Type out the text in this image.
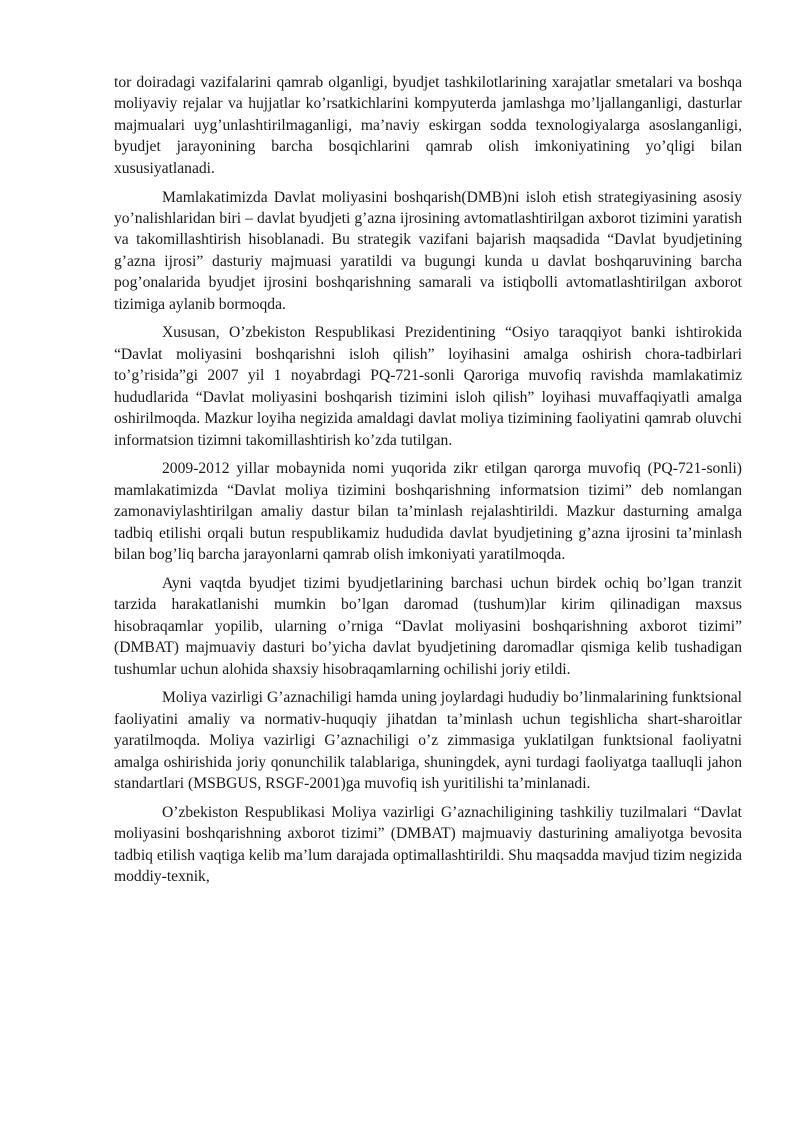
tor doiradagi vazifalarini qamrab olganligi, byudjet tashkilotlarining xarajatlar smetalari va boshqa moliyaviy rejalar va hujjatlar ko’rsatkichlarini kompyuterda jamlashga mo’ljallanganligi, dasturlar majmualari uyg’unlashtirilmaganligi, ma’naviy eskirgan sodda texnologiyalarga asoslanganligi, byudjet jarayonining barcha bosqichlarini qamrab olish imkoniyatining yo’qligi bilan xususiyatlanadi.

Mamlakatimizda Davlat moliyasini boshqarish(DMB)ni isloh etish strategiyasining asosiy yo’nalishlaridan biri – davlat byudjeti g’azna ijrosining avtomatlashtirilgan axborot tizimini yaratish va takomillashtirish hisoblanadi. Bu strategik vazifani bajarish maqsadida “Davlat byudjetining g’azna ijrosi” dasturiy majmuasi yaratildi va bugungi kunda u davlat boshqaruvining barcha pog’onalarida byudjet ijrosini boshqarishning samarali va istiqbolli avtomatlashtirilgan axborot tizimiga aylanib bormoqda.

Xususan, O’zbekiston Respublikasi Prezidentining “Osiyo taraqqiyot banki ishtirokida “Davlat moliyasini boshqarishni isloh qilish” loyihasini amalga oshirish chora-tadbirlari to’g’risida”gi 2007 yil 1 noyabrdagi PQ-721-sonli Qaroriga muvofiq ravishda mamlakatimiz hududlarida “Davlat moliyasini boshqarish tizimini isloh qilish” loyihasi muvaffaqiyatli amalga oshirilmoqda. Mazkur loyiha negizida amaldagi davlat moliya tizimining faoliyatini qamrab oluvchi informatsion tizimni takomillashtirish ko’zda tutilgan.

2009-2012 yillar mobaynida nomi yuqorida zikr etilgan qarorga muvofiq (PQ-721-sonli) mamlakatimizda “Davlat moliya tizimini boshqarishning informatsion tizimi” deb nomlangan zamonaviylashtirilgan amaliy dastur bilan ta’minlash rejalashtirildi. Mazkur dasturning amalga tadbiq etilishi orqali butun respublikamiz hududida davlat byudjetining g’azna ijrosini ta’minlash bilan bog’liq barcha jarayonlarni qamrab olish imkoniyati yaratilmoqda.

Ayni vaqtda byudjet tizimi byudjetlarining barchasi uchun birdek ochiq bo’lgan tranzit tarzida harakatlanishi mumkin bo’lgan daromad (tushum)lar kirim qilinadigan maxsus hisobraqamlar yopilib, ularning o’rniga “Davlat moliyasini boshqarishning axborot tizimi” (DMBAT) majmuaviy dasturi bo’yicha davlat byudjetining daromadlar qismiga kelib tushadigan tushumlar uchun alohida shaxsiy hisobraqamlarning ochilishi joriy etildi.

Moliya vazirligi G’aznachiligi hamda uning joylardagi hududiy bo’linmalarining funktsional faoliyatini amaliy va normativ-huquqiy jihatdan ta’minlash uchun tegishlicha shart-sharoitlar yaratilmoqda. Moliya vazirligi G’aznachiligi o’z zimmasiga yuklatilgan funktsional faoliyatni amalga oshirishida joriy qonunchilik talablariga, shuningdek, ayni turdagi faoliyatga taalluqli jahon standartlari (MSBGUS, RSGF-2001)ga muvofiq ish yuritilishi ta’minlanadi.

O’zbekiston Respublikasi Moliya vazirligi G’aznachiligining tashkiliy tuzilmalari “Davlat moliyasini boshqarishning axborot tizimi” (DMBAT) majmuaviy dasturining amaliyotga bevosita tadbiq etilish vaqtiga kelib ma’lum darajada optimallashtirildi. Shu maqsadda mavjud tizim negizida moddiy-texnik,
